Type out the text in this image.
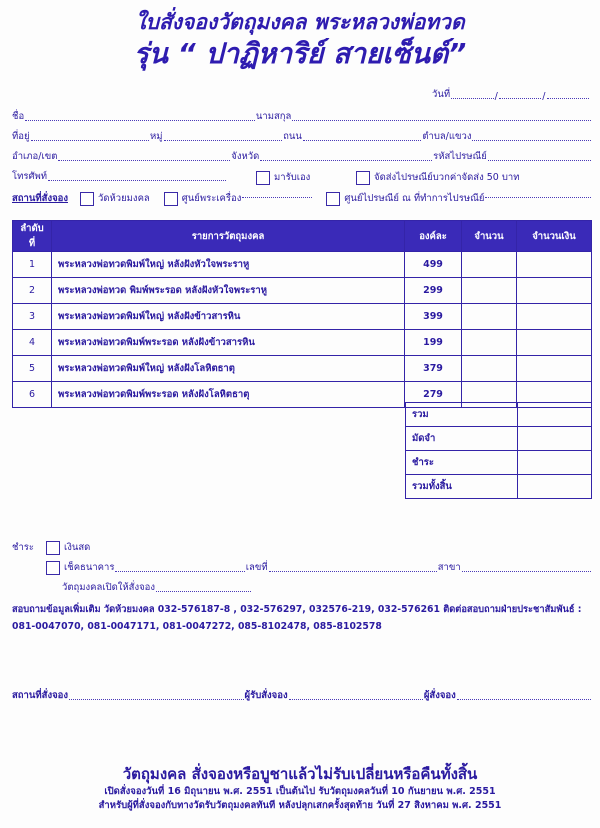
ใบสั่งจองวัตถุมงคล พระหลวงพ่อทวด
รุ่น “ ปาฏิหาริย์ สายเซ็นต์”
วันที่	/	/
ชื่อ	นามสกุล
ที่อยู่	หมู่	ถนน	ตำบล/แขวง
อำเภอ/เขต	จังหวัด	รหัสไปรษณีย์
โทรศัพท์	มารับเอง	จัดส่งไปรษณีย์บวกค่าจัดส่ง 50 บาท
สถานที่สั่งจอง	วัดห้วยมงคล	ศูนย์พระเครื่อง	ศูนย์ไปรษณีย์ ณ ที่ทำการไปรษณีย์
ลำดับที่	รายการวัตถุมงคล	องค์ละ	จำนวน	จำนวนเงิน
1	พระหลวงพ่อทวดพิมพ์ใหญ่ หลังฝังหัวใจพระราหู	499		
2	พระหลวงพ่อทวด พิมพ์พระรอด หลังฝังหัวใจพระราหู	299		
3	พระหลวงพ่อทวดพิมพ์ใหญ่ หลังฝังข้าวสารหิน	399		
4	พระหลวงพ่อทวดพิมพ์พระรอด หลังฝังข้าวสารหิน	199		
5	พระหลวงพ่อทวดพิมพ์ใหญ่ หลังฝังโลหิตธาตุ	379		
6	พระหลวงพ่อทวดพิมพ์พระรอด หลังฝังโลหิตธาตุ	279		
รวม	
มัดจำ	
ชำระ	
รวมทั้งสิ้น	
ชำระ	เงินสด
เช็คธนาคาร	เลขที่	สาขา
วัตถุมงคลเปิดให้สั่งจอง
สอบถามข้อมูลเพิ่มเติม วัดห้วยมงคล 032-576187-8 , 032-576297, 032576-219, 032-576261 ติดต่อสอบถามฝ่ายประชาสัมพันธ์ :
081-0047070, 081-0047171, 081-0047272, 085-8102478, 085-8102578
สถานที่สั่งจอง	ผู้รับสั่งจอง	ผู้สั่งจอง
วัตถุมงคล สั่งจองหรือบูชาแล้วไม่รับเปลี่ยนหรือคืนทั้งสิ้น
เปิดสั่งจองวันที่ 16 มิถุนายน พ.ศ. 2551 เป็นต้นไป รับวัตถุมงคลวันที่ 10 กันยายน พ.ศ. 2551
สำหรับผู้ที่สั่งจองกับทางวัดรับวัตถุมงคลทันที หลังปลุกเสกครั้งสุดท้าย วันที่ 27 สิงหาคม พ.ศ. 2551
